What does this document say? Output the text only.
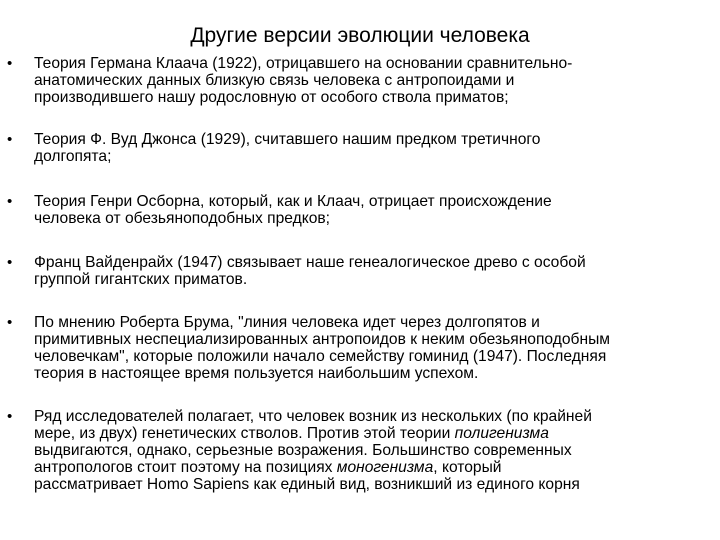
Другие версии эволюции человека
• Теория Германа Клаача (1922), отрицавшего на основании сравнительно-
анатомических данных близкую связь человека с антропоидами и
производившего нашу родословную от особого ствола приматов;

• Теория Ф. Вуд Джонса (1929), считавшего нашим предком третичного
долгопята;

• Теория Генри Осборна, который, как и Клаач, отрицает происхождение
человека от обезьяноподобных предков;

• Франц Вайденрайх (1947) связывает наше генеалогическое древо с особой
группой гигантских приматов.

• По мнению Роберта Брума, "линия человека идет через долгопятов и
примитивных неспециализированных антропоидов к неким обезьяноподобным
человечкам", которые положили начало семейству гоминид (1947). Последняя
теория в настоящее время пользуется наибольшим успехом.

• Ряд исследователей полагает, что человек возник из нескольких (по крайней
мере, из двух) генетических стволов. Против этой теории полигенизма
выдвигаются, однако, серьезные возражения. Большинство современных
антропологов стоит поэтому на позициях моногенизма, который
рассматривает Homo Sapiens как единый вид, возникший из единого корня
